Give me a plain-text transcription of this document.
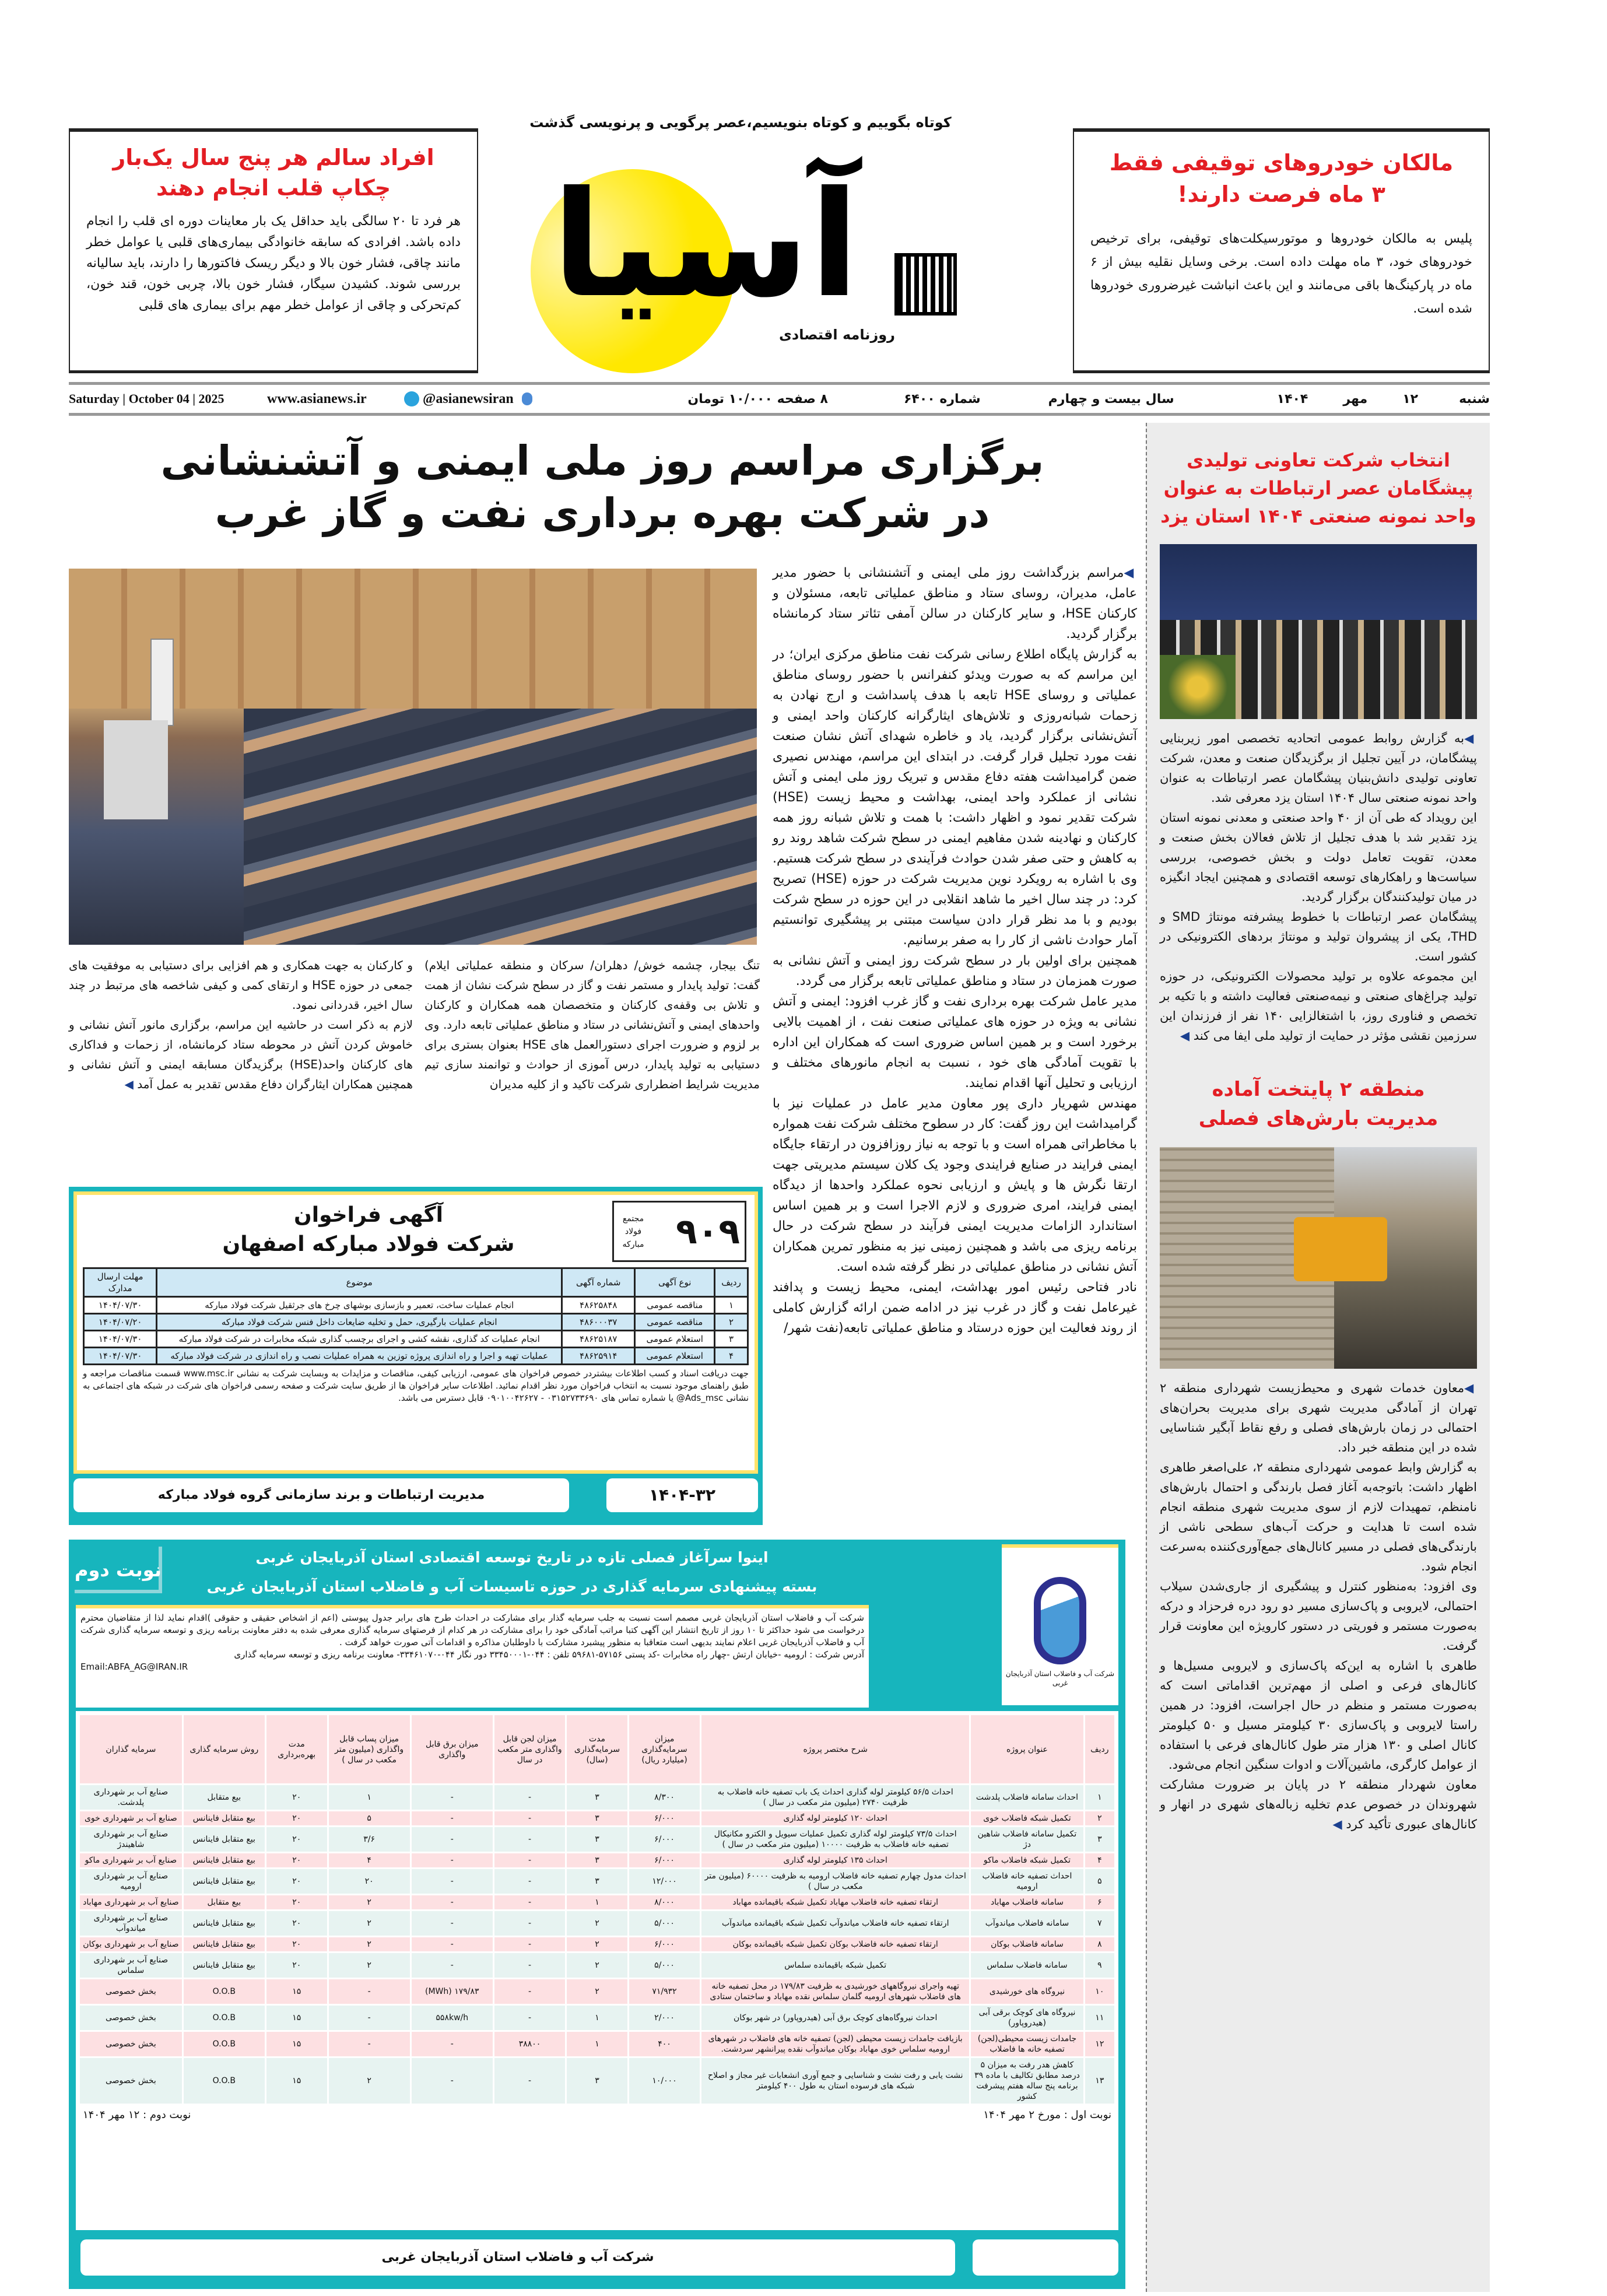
کوتاه بگوییم و کوتاه بنویسیم،عصر پرگویی و پرنویسی گذشت
آسیا
روزنامه اقتصادی
افراد سالم هر پنج سال یک‌بار چکاپ قلب انجام دهند
هر فرد تا ۲۰ سالگی باید حداقل یک بار معاینات دوره ای قلب را انجام داده باشد. افرادی که سابقه خانوادگی بیماری‌های قلبی یا عوامل خطر مانند چاقی، فشار خون بالا و دیگر ریسک فاکتورها را دارند، باید سالیانه بررسی شوند. کشیدن سیگار، فشار خون بالا، چربی خون، قند خون، کم‌تحرکی و چاقی از عوامل خطر مهم برای بیماری های قلبی
مالکان خودروهای توقیفی فقط ۳ ماه فرصت دارند!
پلیس به مالکان خودروها و موتورسیکلت‌های توقیفی، برای ترخیص خودروهای خود، ۳ ماه مهلت داده است. برخی وسایل نقلیه بیش از ۶ ماه در پارکینگ‌ها باقی می‌مانند و این باعث انباشت غیرضروری خودروها شده است.
Saturday | October 04 | 2025	www.asianews.ir	@asianewsiran	شنبه
۱۲
مهر
۱۴۰۴
سال بیست و چهارم
شماره ۶۴۰۰
۸ صفحه ۱۰/۰۰۰ تومان
برگزاری مراسم روز ملی ایمنی و آتشنشانی
در شرکت بهره برداری نفت و گاز غرب

◀مراسم بزرگداشت روز ملی ایمنی و آتشنشانی با حضور مدیر عامل، مدیران، روسای ستاد و مناطق عملیاتی تابعه، مسئولان و کارکنان HSE، و سایر کارکنان در سالن آمفی تئاتر ستاد کرمانشاه برگزار گردید.

به گزارش پایگاه اطلاع رسانی شرکت نفت مناطق مرکزی ایران؛ در این مراسم که به صورت ویدئو کنفرانس با حضور روسای مناطق عملیاتی و روسای HSE تابعه با هدف پاسداشت و ارج نهادن به زحمات شبانه‌روزی و تلاش‌های ایثارگرانه کارکنان واحد ایمنی و آتش‌نشانی برگزار گردید، یاد و خاطره شهدای آتش نشان صنعت نفت مورد تجلیل قرار گرفت. در ابتدای این مراسم، مهندس نصیری ضمن گرامیداشت هفته دفاع مقدس و تبریک روز ملی ایمنی و آتش نشانی از عملکرد واحد ایمنی، بهداشت و محیط زیست (HSE) شرکت تقدیر نمود و اظهار داشت: با همت و تلاش شبانه روز همه کارکنان و نهادینه شدن مفاهیم ایمنی در سطح شرکت شاهد روند رو به کاهش و حتی صفر شدن حوادث فرآیندی در سطح شرکت هستیم. وی با اشاره به رویکرد نوین مدیریت شرکت در حوزه (HSE) تصریح کرد: در چند سال اخیر ما شاهد انقلابی در این حوزه در سطح شرکت بودیم و با مد نظر قرار دادن سیاست مبتنی بر پیشگیری توانستیم آمار حوادث ناشی از کار را به صفر برسانیم.

همچنین برای اولین بار در سطح شرکت روز ایمنی و آتش نشانی به صورت همزمان در ستاد و مناطق عملیاتی تابعه برگزار می گردد.

مدیر عامل شرکت بهره برداری نفت و گاز غرب افزود: ایمنی و آتش نشانی به ویژه در حوزه های عملیاتی صنعت نفت ، از اهمیت بالایی برخورد است و بر همین اساس ضروری است که همکاران این اداره با تقویت آمادگی های خود ، نسبت به انجام مانورهای مختلف و ارزیابی و تحلیل آنها اقدام نمایند.

مهندس شهریار داری پور معاون مدیر عامل در عملیات نیز با گرامیداشت این روز گفت: کار در سطوح مختلف شرکت نفت همواره با مخاطراتی همراه است و با توجه به نیاز روزافزون در ارتقاء جایگاه ایمنی فرایند در صنایع فرایندی وجود یک کلان سیستم مدیریتی جهت ارتقا نگرش ها و پایش و ارزیابی نحوه عملکرد واحدها از دیدگاه ایمنی فرایند، امری ضروری و لازم الاجرا است و بر همین اساس استاندارد الزامات مدیریت ایمنی فرآیند در سطح شرکت در حال برنامه ریزی می باشد و همچنین زمینی نیز به منظور تمرین همکاران آتش نشانی در مناطق عملیاتی در نظر گرفته شده است.

نادر فتاحی رئیس امور بهداشت، ایمنی، محیط زیست و پدافند غیرعامل نفت و گاز در غرب نیز در ادامه ضمن ارائه گزارش کاملی از روند فعالیت این حوزه درستاد و مناطق عملیاتی تابعه(نفت شهر/

تنگ بیجار، چشمه خوش/ دهلران/ سرکان و منطقه عملیاتی ایلام) گفت: تولید پایدار و مستمر نفت و گاز در سطح شرکت نشان از همت و تلاش بی وقفه‌ی کارکنان و متخصصان همه همکاران و کارکنان واحدهای ایمنی و آتش‌نشانی در ستاد و مناطق عملیاتی تابعه دارد. وی بر لزوم و ضرورت اجرای دستورالعمل های HSE بعنوان بستری برای دستیابی به تولید پایدار، درس آموزی از حوادث و توانمند سازی تیم مدیریت شرایط اضطراری شرکت تاکید و از کلیه مدیران

و کارکنان به جهت همکاری و هم افزایی برای دستیابی به موفقیت های جمعی در حوزه HSE و ارتقای کمی و کیفی شاخصه های مرتبط در چند سال اخیر، قدردانی نمود.

لازم به ذکر است در حاشیه این مراسم، برگزاری مانور آتش نشانی و خاموش کردن آتش در محوطه ستاد کرمانشاه، از زحمات و فداکاری های کارکنان واحد(HSE) برگزیدگان مسابقه ایمنی و آتش نشانی و همچنین همکاران ایثارگران دفاع مقدس تقدیر به عمل آمد ◀

۹۰۹
مجتمع فولاد مبارکه
آگهی فراخوان
شرکت فولاد مبارکه اصفهان
ردیف	نوع آگهی	شماره آگهی	موضوع	مهلت ارسال مدارک
۱	مناقصه عمومی	۴۸۶۲۵۸۴۸	انجام عملیات ساخت، تعمیر و بازسازی بوشهای چرخ های جرثقیل شرکت فولاد مبارکه	۱۴۰۴/۰۷/۳۰
۲	مناقصه عمومی	۴۸۶۰۰۰۳۷	انجام عملیات بارگیری، حمل و تخلیه ضایعات داخل فنس شرکت فولاد مبارکه	۱۴۰۴/۰۷/۲۰
۳	استعلام عمومی	۴۸۶۲۵۱۸۷	انجام عملیات کد گذاری، نقشه کشی و اجرای برچسب گذاری شبکه مخابرات در شرکت فولاد مبارکه	۱۴۰۴/۰۷/۳۰
۴	استعلام عمومی	۴۸۶۲۵۹۱۴	عملیات تهیه و اجرا و راه اندازی پروژه توزین به همراه عملیات نصب و راه اندازی در شرکت فولاد مبارکه	۱۴۰۴/۰۷/۳۰
جهت دریافت اسناد و کسب اطلاعات بیشتردر خصوص فراخوان های عمومی، ارزیابی کیفی، مناقصات و مزایدات به وبسایت شرکت به نشانی www.msc.ir قسمت مناقصات مراجعه و طبق راهنمای موجود نسبت به انتخاب فراخوان مورد نظر اقدام نمائید. اطلاعات سایر فراخوان ها از طریق سایت شرکت و صفحه رسمی فراخوان های شرکت در شبکه های اجتماعی به نشانی Ads_msc@ یا شماره تماس های ۰۳۱۵۲۷۳۳۶۹۰ - ۰۹۰۱۰۰۴۲۶۲۷ قابل دسترس می باشد.
۱۴۰۴-۳۲
مدیریت ارتباطات و برند سازمانی گروه فولاد مبارکه
نوبت دوم
اینوا سرآغاز فصلی تازه در تاریخ توسعه اقتصادی استان آذربایجان غربی
بسته پیشنهادی سرمایه گذاری در حوزه تاسیسات آب و فاضلاب استان آذربایجان غربی
شرکت آب و فاضلاب استان آذربایجان غربی
شرکت آب و فاضلاب استان آذربایجان غربی مصمم است نسبت به جلب سرمایه گذار برای مشارکت در احداث طرح های برابر جدول پیوستی (اعم از اشخاص حقیقی و حقوقی )اقدام نماید لذا از متقاضیان محترم درخواست می شود حداکثر تا ۱۰ روز از تاریخ انتشار این آگهی کتبا مراتب آمادگی خود را برای مشارکت در هر کدام از فرصتهای سرمایه گذاری معرفی شده به دفتر معاونت برنامه ریزی و توسعه سرمایه گذاری شرکت آب و فاضلاب آذربایجان غربی اعلام نمایند بدیهی است متعاقبا به منظور پیشبرد مشارکت با داوطلبان مذاکره و اقدامات آتی صورت خواهد گرفت .
آدرس شرکت : ارومیه -خیابان ارتش -چهار راه مخابرات -کد پستی ۵۷۱۵۶-۵۹۶۸۱ تلفن : ۰۴۴-۳۳۴۵۰۰۰۱ دور نگار ۰۴۴-۳۳۴۶۱۰۷۰- معاونت برنامه ریزی و توسعه سرمایه گذاری
Email:ABFA_AG@IRAN.IR
ردیف	عنوان پروژه	شرح مختصر پروژه	میزان سرمایه‌گذاری (میلیارد ریال)	مدت سرمایه‌گذاری (سال)	میزان لجن قابل واگذاری متر مکعب در سال	میزان برق قابل واگذاری	میزان پساب قابل واگذاری (میلیون متر مکعب در سال )	مدت بهره‌برداری	روش سرمایه گذاری	سرمایه گذاران
۱	احداث سامانه فاضلاب پلدشت	احداث ۵۶/۵ کیلومتر لوله گذاری احداث یک باب تصفیه خانه فاضلاب به ظرفیت ۲۷۴۰ (میلیون متر مکعب در سال )	۸/۳۰۰	۳	-	-	۱	۲۰	بیع متقابل	صنایع آب بر شهرداری پلدشت.
۲	تکمیل شبکه فاضلاب خوی	احداث ۱۲۰ کیلومتر لوله گذاری	۶/۰۰۰	۳	-	-	۵	۲۰	بیع متقابل فاینانس	صنایع آب بر شهرداری خوی
۳	تکمیل سامانه فاضلاب شاهین دژ	احداث ۷۳/۵ کیلومتر لوله گذاری تکمیل عملیات سیویل و الکترو مکانیکال تصفیه خانه فاضلاب به ظرفیت ۱۰۰۰۰ (میلیون متر مکعب در سال )	۶/۰۰۰	۳	-	-	۳/۶	۲۰	بیع متقابل فاینانس	صنایع آب بر شهرداری شاهیندژ
۴	تکمیل شبکه فاضلاب ماکو	احداث ۱۳۵ کیلومتر لوله گذاری	۶/۰۰۰	۳	-	-	۴	۲۰	بیع متقابل فاینانس	صنایع آب بر شهرداری ماکو
۵	احداث تصفیه خانه فاضلاب ارومیه	احداث مدول چهارم تصفیه خانه فاضلاب ارومیه به ظرفیت ۶۰۰۰۰ (میلیون متر مکعب در سال )	۱۲/۰۰۰	۳	-	-	۲۰	۲۰	بیع متقابل فاینانس	صنایع آب بر شهرداری ارومیه
۶	سامانه فاضلاب مهاباد	ارتقاء تصفیه خانه فاضلاب مهاباد تکمیل شبکه باقیمانده مهاباد	۸/۰۰۰	۱	-	-	۲	۲۰	بیع متقابل	صنایع آب بر شهرداری مهاباد
۷	سامانه فاضلاب میاندوآب	ارتقاء تصفیه خانه فاضلاب میاندوآب تکمیل شبکه باقیمانده میاندوآب	۵/۰۰۰	۲	-	-	۲	۲۰	بیع متقابل فاینانس	صنایع آب بر شهرداری میاندوآب
۸	سامانه فاضلاب بوکان	ارتقاء تصفیه خانه فاضلاب بوکان تکمیل شبکه باقیمانده بوکان	۶/۰۰۰	۲	-	-	۲	۲۰	بیع متقابل فاینانس	صنایع آب بر شهرداری بوکان
۹	سامانه فاضلاب سلماس	تکمیل شبکه باقیمانده سلماس	۵/۰۰۰	۲	-	-	۲	۲۰	بیع متقابل فاینانس	صنایع آب بر شهرداری سلماس
۱۰	نیروگاه های خورشیدی	تهیه واجرای نیروگاههای خورشیدی به ظرفیت ۱۷۹/۸۳ در محل تصفیه خانه های فاضلاب شهرهای ارومیه گلمان سلماس نقده مهاباد و ساختمان ستادی	۷۱/۹۳۲	۲	-	۱۷۹/۸۳ (MWh)	-	۱۵	O.O.B	بخش خصوصی
۱۱	نیروگاه های کوچک برقی آبی (هیدروپاور)	احداث نیروگاه‌های کوچک برق آبی (هیدروپاور) در شهر بوکان	۲/۰۰۰	۱	-	۵۵۸kw/h	-	۱۵	O.O.B	بخش خصوصی
۱۲	جامدات زیست محیطی(لجن) تصفیه خانه ها فاضلاب	بازیافت جامدات زیست محیطی (لجن) تصفیه خانه های فاضلاب در شهرهای ارومیه سلماس خوی مهاباد بوکان میاندوآب نقده پیرانشهر سردشت.	۴۰۰	۱	۳۸۸۰۰	-	-	۱۵	O.O.B	بخش خصوصی
۱۳	کاهش هدر رفت به میزان ۵ درصد مطابق تکالیف با ماده ۳۹ برنامه پنج ساله هفتم پیشرفت کشور	نشت یابی و رفت نشت و شناسایی و جمع آوری انشعابات غیر مجاز و اصلاح شبکه های فرسوده استان به طول ۴۰۰ کیلومتر	۱۰/۰۰۰	۳	-	-	۲	۱۵	O.O.B	بخش خصوصی
نوبت اول : مورخ ۲ مهر ۱۴۰۴
نوبت دوم : ۱۲ مهر ۱۴۰۴
شرکت آب و فاضلاب استان آذربایجان غربی
انتخاب شرکت تعاونی تولیدی پیشگامان عصر ارتباطات به عنوان واحد نمونه صنعتی ۱۴۰۴ استان یزد

◀به گزارش روابط عمومی اتحادیه تخصصی امور زیربنایی پیشگامان، در آیین تجلیل از برگزیدگان صنعت و معدن، شرکت تعاونی تولیدی دانش‌بنیان پیشگامان عصر ارتباطات به عنوان واحد نمونه صنعتی سال ۱۴۰۴ استان یزد معرفی شد.

این رویداد که طی آن از ۴۰ واحد صنعتی و معدنی نمونه استان یزد تقدیر شد با هدف تجلیل از تلاش فعالان بخش صنعت و معدن، تقویت تعامل دولت و بخش خصوصی، بررسی سیاست‌ها و راهکارهای توسعه اقتصادی و همچنین ایجاد انگیزه در میان تولیدکنندگان برگزار گردید.

پیشگامان عصر ارتباطات با خطوط پیشرفته مونتاژ SMD و THD، یکی از پیشروان تولید و مونتاژ بردهای الکترونیکی در کشور است.

این مجموعه علاوه بر تولید محصولات الکترونیکی، در حوزه تولید چراغ‌های صنعتی و نیمه‌صنعتی فعالیت داشته و با تکیه بر تخصص و فناوری روز، با اشتغالزایی ۱۴۰ نفر از فرزندان این سرزمین نقشی مؤثر در حمایت از تولید ملی ایفا می کند ◀

منطقه ۲ پایتخت آماده مدیریت بارش‌های فصلی

◀معاون خدمات شهری و محیط‌زیست شهرداری منطقه ۲ تهران از آمادگی مدیریت شهری برای مدیریت بحران‌های احتمالی در زمان بارش‌های فصلی و رفع نقاط آبگیر شناسایی شده در این منطقه خبر داد.

به گزارش وابط عمومی شهرداری منطقه ۲، علی‌اصغر طاهری اظهار داشت: باتوجه‌به آغاز فصل بارندگی و احتمال بارش‌های نامنظم، تمهیدات لازم از سوی مدیریت شهری منطقه انجام شده است تا هدایت و حرکت آب‌های سطحی ناشی از بارندگی‌های فصلی در مسیر کانال‌های جمع‌آوری‌کننده به‌سرعت انجام شود.

وی افزود: به‌منظور کنترل و پیشگیری از جاری‌شدن سیلاب احتمالی، لایروبی و پاک‌سازی مسیر دو رود دره فرحزاد و درکه به‌صورت مستمر و فوریتی در دستور کارویژه این معاونت قرار گرفت.

طاهری با اشاره به این‌که پاک‌سازی و لایروبی مسیل‌ها و کانال‌های فرعی و اصلی از مهم‌ترین اقداماتی است که به‌صورت مستمر و منظم در حال اجراست، افزود: در همین راستا لایروبی و پاک‌سازی ۳۰ کیلومتر مسیل و ۵۰ کیلومتر کانال اصلی و ۱۳۰ هزار متر طول کانال‌های فرعی با استفاده از عوامل کارگری، ماشین‌آلات و ادوات سنگین انجام می‌شود.

معاون شهردار منطقه ۲ در پایان بر ضرورت مشارکت شهروندان در خصوص عدم تخلیه زباله‌های شهری در انهار و کانال‌های عبوری تأکید کرد ◀
